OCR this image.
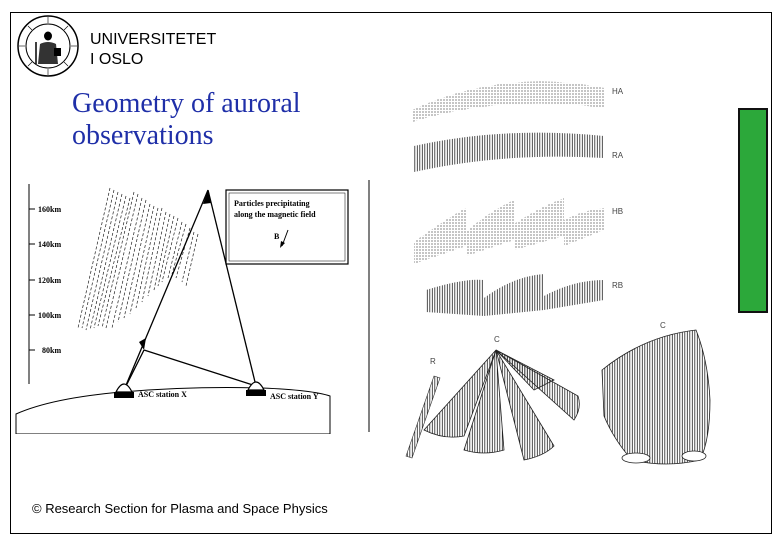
UNIVERSITETET
I OSLO
Geometry of auroral
observations
160km
140km
120km
100km
80km
Particles precipitating
along the magnetic field
B
ASC station X	ASC station Y
HA
RA
HB
RB
R
C
C
© Research Section for Plasma and Space Physics
